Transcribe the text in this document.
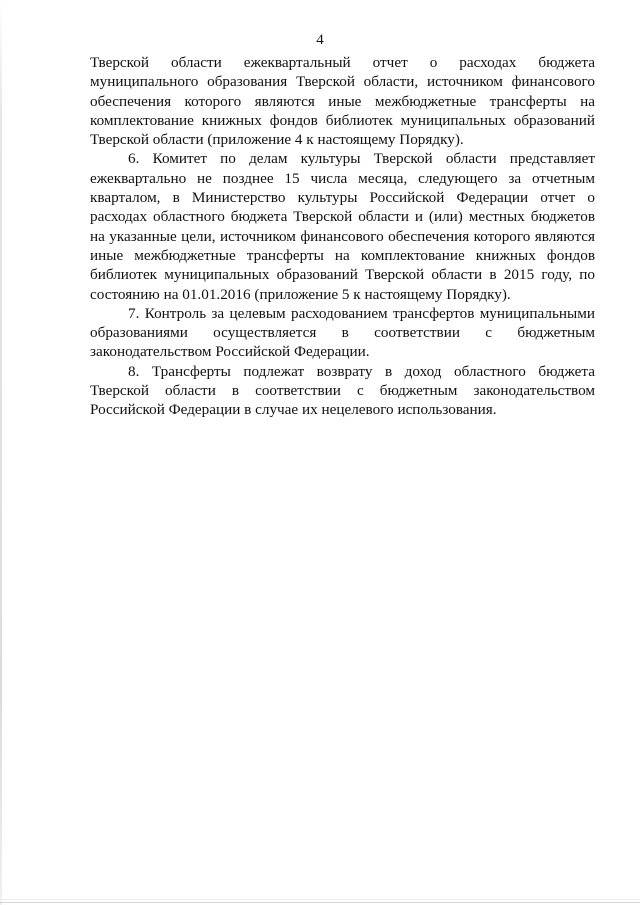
4

Тверской области ежеквартальный отчет о расходах бюджета муниципального образования Тверской области, источником финансового обеспечения которого являются иные межбюджетные трансферты на комплектование книжных фондов библиотек муниципальных образований Тверской области (приложение 4 к настоящему Порядку).

6. Комитет по делам культуры Тверской области представляет ежеквартально не позднее 15 числа месяца, следующего за отчетным кварталом, в Министерство культуры Российской Федерации отчет о расходах областного бюджета Тверской области и (или) местных бюджетов на указанные цели, источником финансового обеспечения которого являются иные межбюджетные трансферты на комплектование книжных фондов библиотек муниципальных образований Тверской области в 2015 году, по состоянию на 01.01.2016 (приложение 5 к настоящему Порядку).

7. Контроль за целевым расходованием трансфертов муниципальными образованиями осуществляется в соответствии с бюджетным законодательством Российской Федерации.

8. Трансферты подлежат возврату в доход областного бюджета Тверской области в соответствии с бюджетным законодательством Российской Федерации в случае их нецелевого использования.
